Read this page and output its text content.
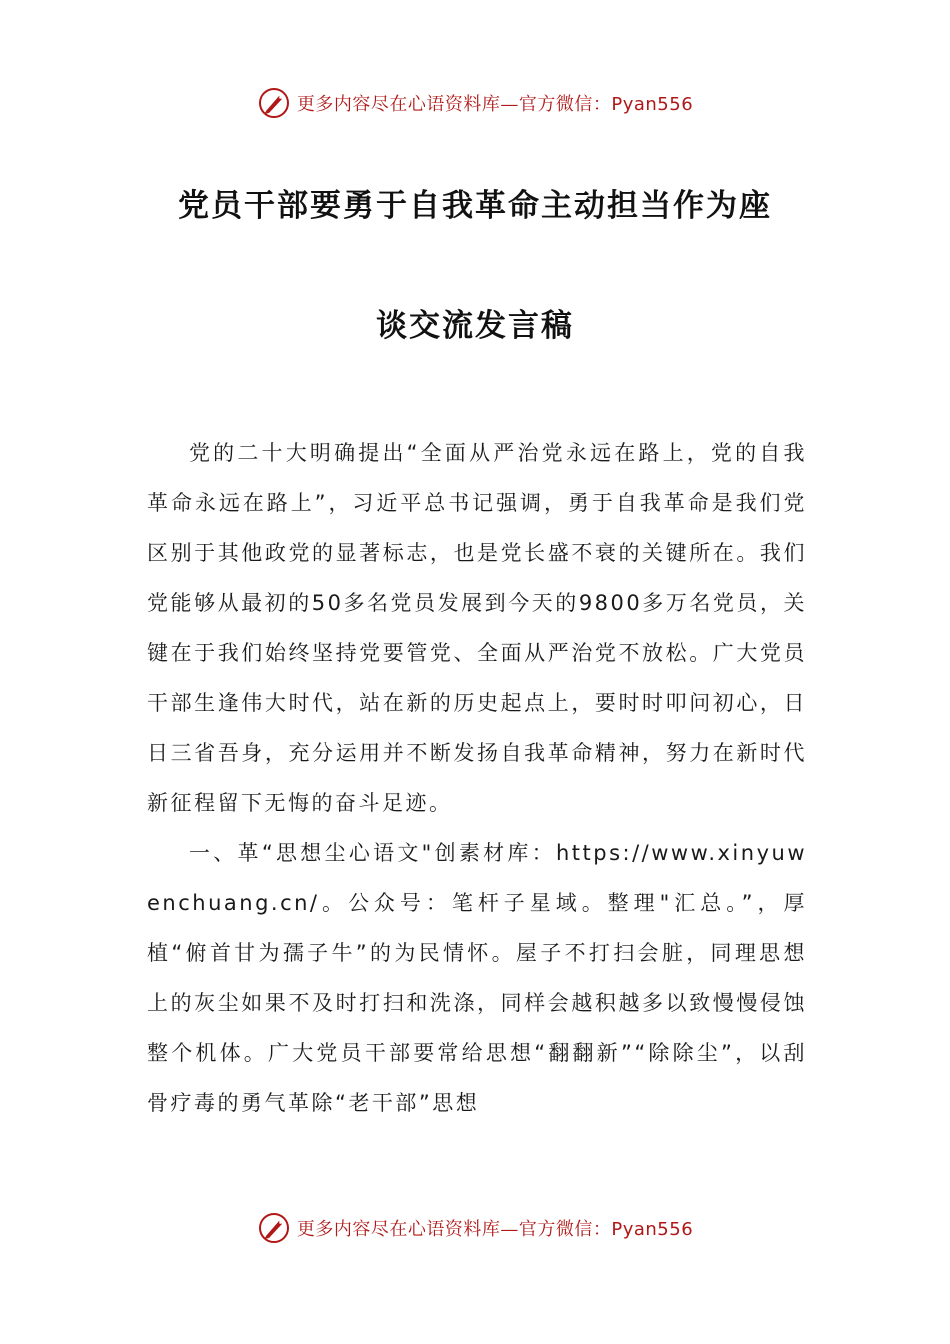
更多内容尽在心语资料库 — 官方微信： Pyan556
党员干部要勇于自我革命主动担当作为座
谈交流发言稿

党的二十大明确提出“全面从严治党永远在路上，党的自我革命永远在路上”，习近平总书记强调，勇于自我革命是我们党区别于其他政党的显著标志，也是党长盛不衰的关键所在。我们党能够从最初的50多名党员发展到今天的9800多万名党员，关键在于我们始终坚持党要管党、全面从严治党不放松。广大党员干部生逢伟大时代，站在新的历史起点上，要时时叩问初心，日日三省吾身，充分运用并不断发扬自我革命精神，努力在新时代新征程留下无悔的奋斗足迹。

一、革“思想尘心语文"创素材库：https://www.xinyuwenchuang.cn/。公众号：笔杆子星域。整理"汇总。”，厚植“俯首甘为孺子牛”的为民情怀。屋子不打扫会脏，同理思想上的灰尘如果不及时打扫和洗涤，同样会越积越多以致慢慢侵蚀整个机体。广大党员干部要常给思想“翻翻新”“除除尘”，以刮骨疗毒的勇气革除“老干部”思想

更多内容尽在心语资料库 — 官方微信： Pyan556
